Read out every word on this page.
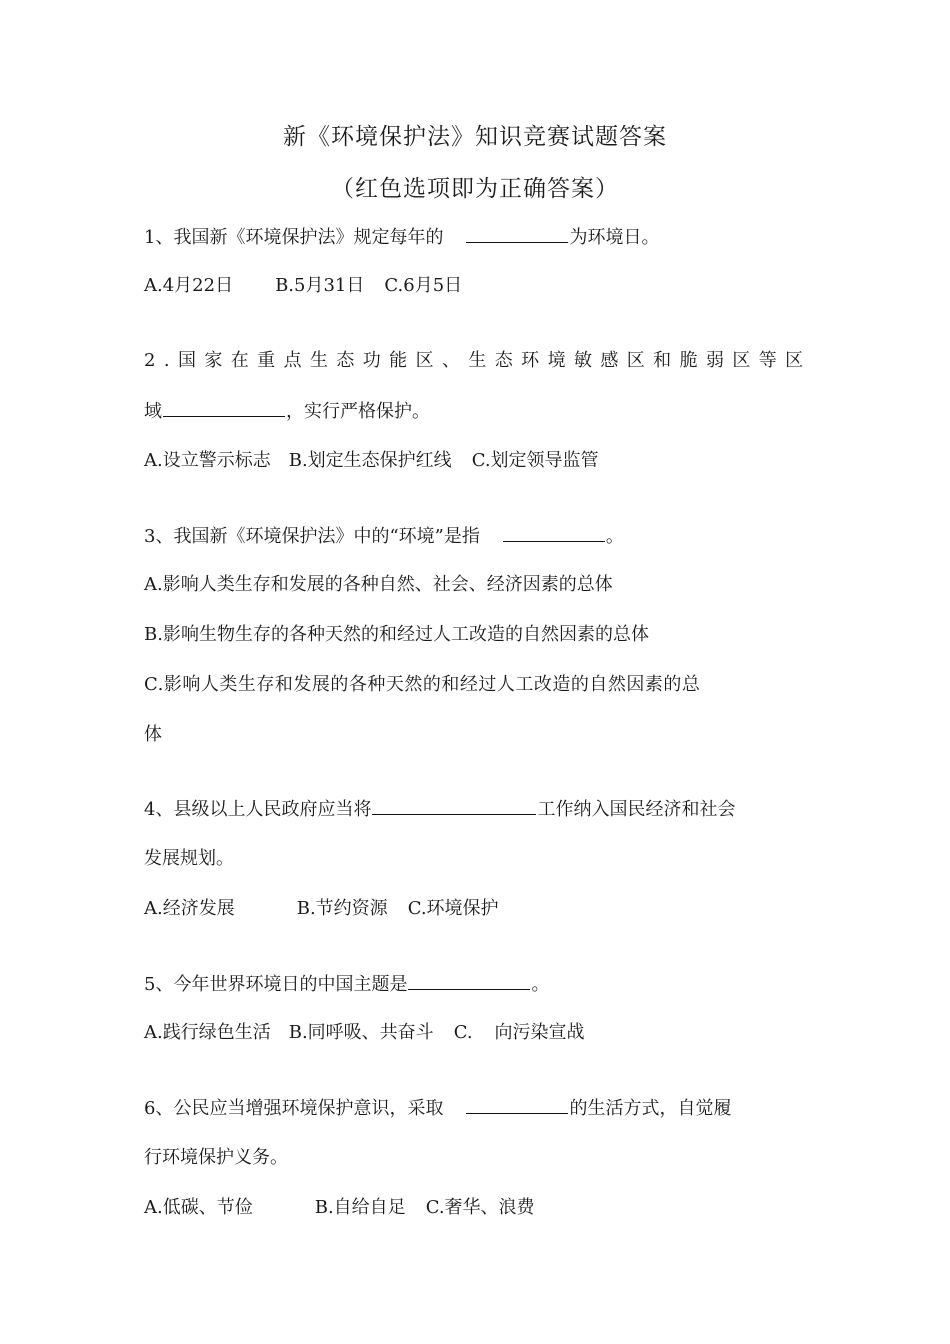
新《环境保护法》知识竞赛试题答案
（红色选项即为正确答案）
1、我国新《环境保护法》规定每年的	为环境日。
A.4月22日 B.5月31日 C.6月5日
2.国家在重点生态功能区、生态环境敏感区和脆弱区等区
域	，实行严格保护。
A.设立警示标志 B.划定生态保护红线 C.划定领导监管
3、我国新《环境保护法》中的“环境”是指	。
A.影响人类生存和发展的各种自然、社会、经济因素的总体
B.影响生物生存的各种天然的和经过人工改造的自然因素的总体
C.影响人类生存和发展的各种天然的和经过人工改造的自然因素的总
体
4、县级以上人民政府应当将	工作纳入国民经济和社会
发展规划。
A.经济发展	B.节约资源 C.环境保护
5、今年世界环境日的中国主题是	。
A.践行绿色生活 B.同呼吸、共奋斗 C. 向污染宣战
6、公民应当增强环境保护意识，采取	的生活方式，自觉履
行环境保护义务。
A.低碳、节俭	B.自给自足 C.奢华、浪费
